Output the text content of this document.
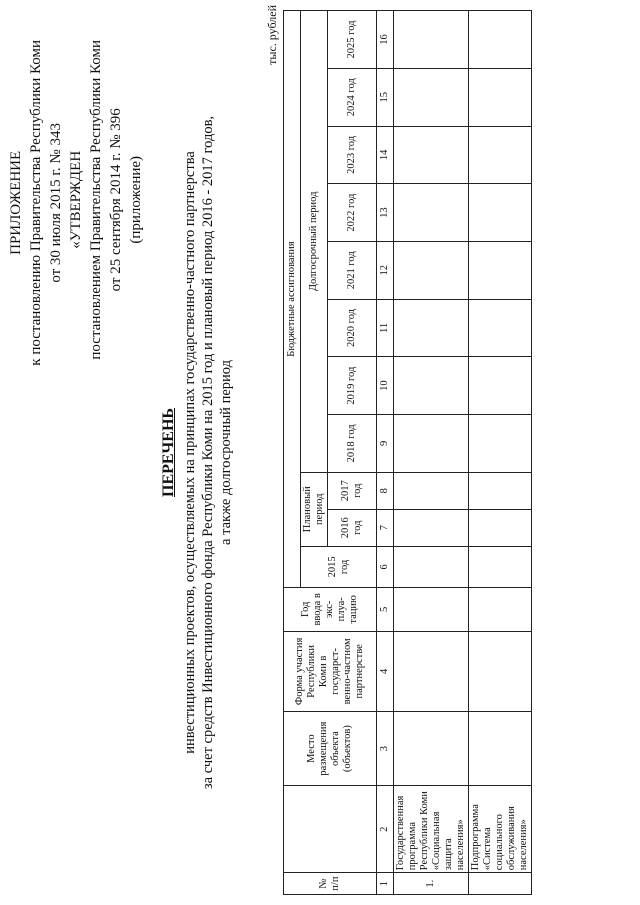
ПРИЛОЖЕНИЕ к постановлению Правительства Республики Коми от 30 июля 2015 г. № 343 «УТВЕРЖДЕН постановлением Правительства Республики Коми от 25 сентября 2014 г. № 396 (приложение)
ПЕРЕЧЕНЬ инвестиционных проектов, осуществляемых на принципах государственно-частного партнерства за счет средств Инвестиционного фонда Республики Коми на 2015 год и плановый период 2016 - 2017 годов, а также долгосрочный период
тыс. рублей
№ п/п		Место размещения объекта (объектов)	Форма участия Республики Коми в государст-венно-частном партнерстве	Год ввода в экс-плуа-тацию	Бюджетные ассигнования										
					2015 год	Плановый период		Долгосрочный период							
						2016 год	2017 год	2018 год	2019 год	2020 год	2021 год	2022 год	2023 год	2024 год	2025 год
1	2	3	4	5	6	7	8	9	10	11	12	13	14	15	16
1.	Государственная программа Республики Коми «Социальная защита населения»														
	Подпрограмма «Система социального обслуживания населения»														
